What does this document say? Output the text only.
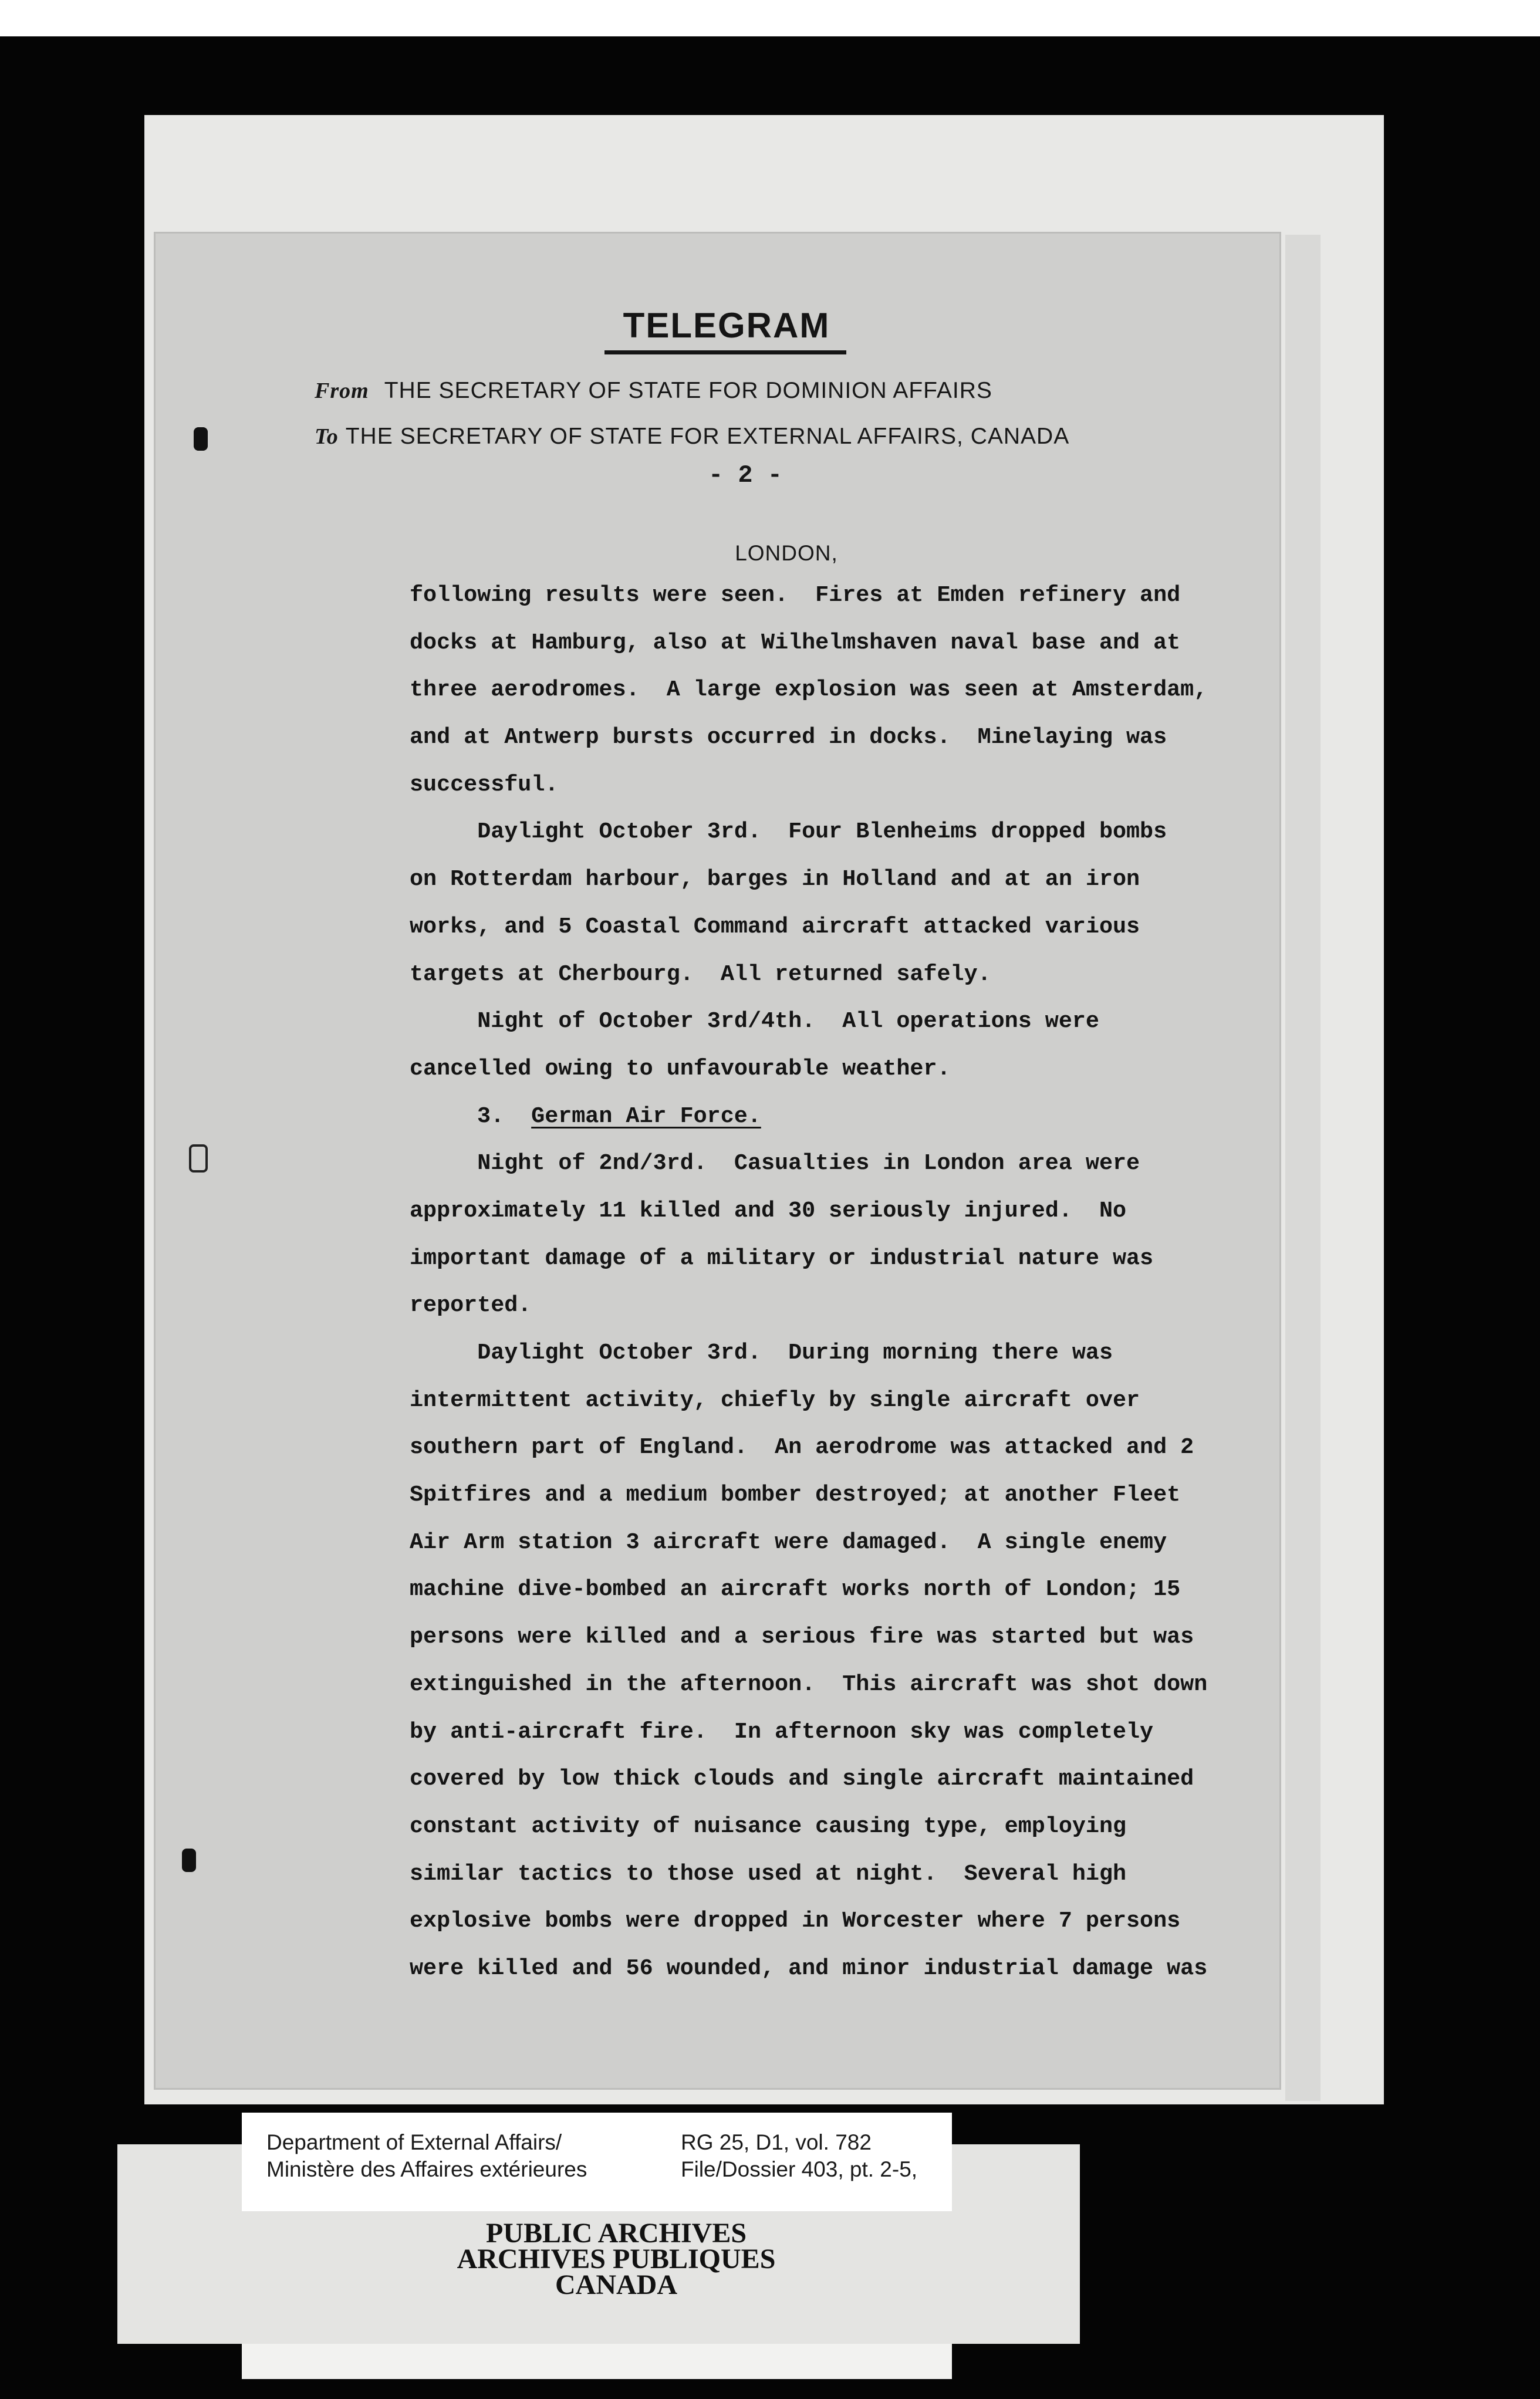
TELEGRAM
From THE SECRETARY OF STATE FOR DOMINION AFFAIRS
To THE SECRETARY OF STATE FOR EXTERNAL AFFAIRS, CANADA
- 2 -
LONDON,
following results were seen.  Fires at Emden refinery and
docks at Hamburg, also at Wilhelmshaven naval base and at
three aerodromes.  A large explosion was seen at Amsterdam,
and at Antwerp bursts occurred in docks.  Minelaying was
successful.
Daylight October 3rd.  Four Blenheims dropped bombs
on Rotterdam harbour, barges in Holland and at an iron
works, and 5 Coastal Command aircraft attacked various
targets at Cherbourg.  All returned safely.
Night of October 3rd/4th.  All operations were
cancelled owing to unfavourable weather.
3. German Air Force.
Night of 2nd/3rd.  Casualties in London area were
approximately 11 killed and 30 seriously injured.  No
important damage of a military or industrial nature was
reported.
Daylight October 3rd.  During morning there was
intermittent activity, chiefly by single aircraft over
southern part of England.  An aerodrome was attacked and 2
Spitfires and a medium bomber destroyed; at another Fleet
Air Arm station 3 aircraft were damaged.  A single enemy
machine dive-bombed an aircraft works north of London; 15
persons were killed and a serious fire was started but was
extinguished in the afternoon.  This aircraft was shot down
by anti-aircraft fire.  In afternoon sky was completely
covered by low thick clouds and single aircraft maintained
constant activity of nuisance causing type, employing
similar tactics to those used at night.  Several high
explosive bombs were dropped in Worcester where 7 persons
were killed and 56 wounded, and minor industrial damage was
Department of External Affairs/
Ministère des Affaires extérieures
RG 25, D1, vol. 782
File/Dossier 403, pt. 2-5,
PUBLIC ARCHIVES
ARCHIVES PUBLIQUES
CANADA
